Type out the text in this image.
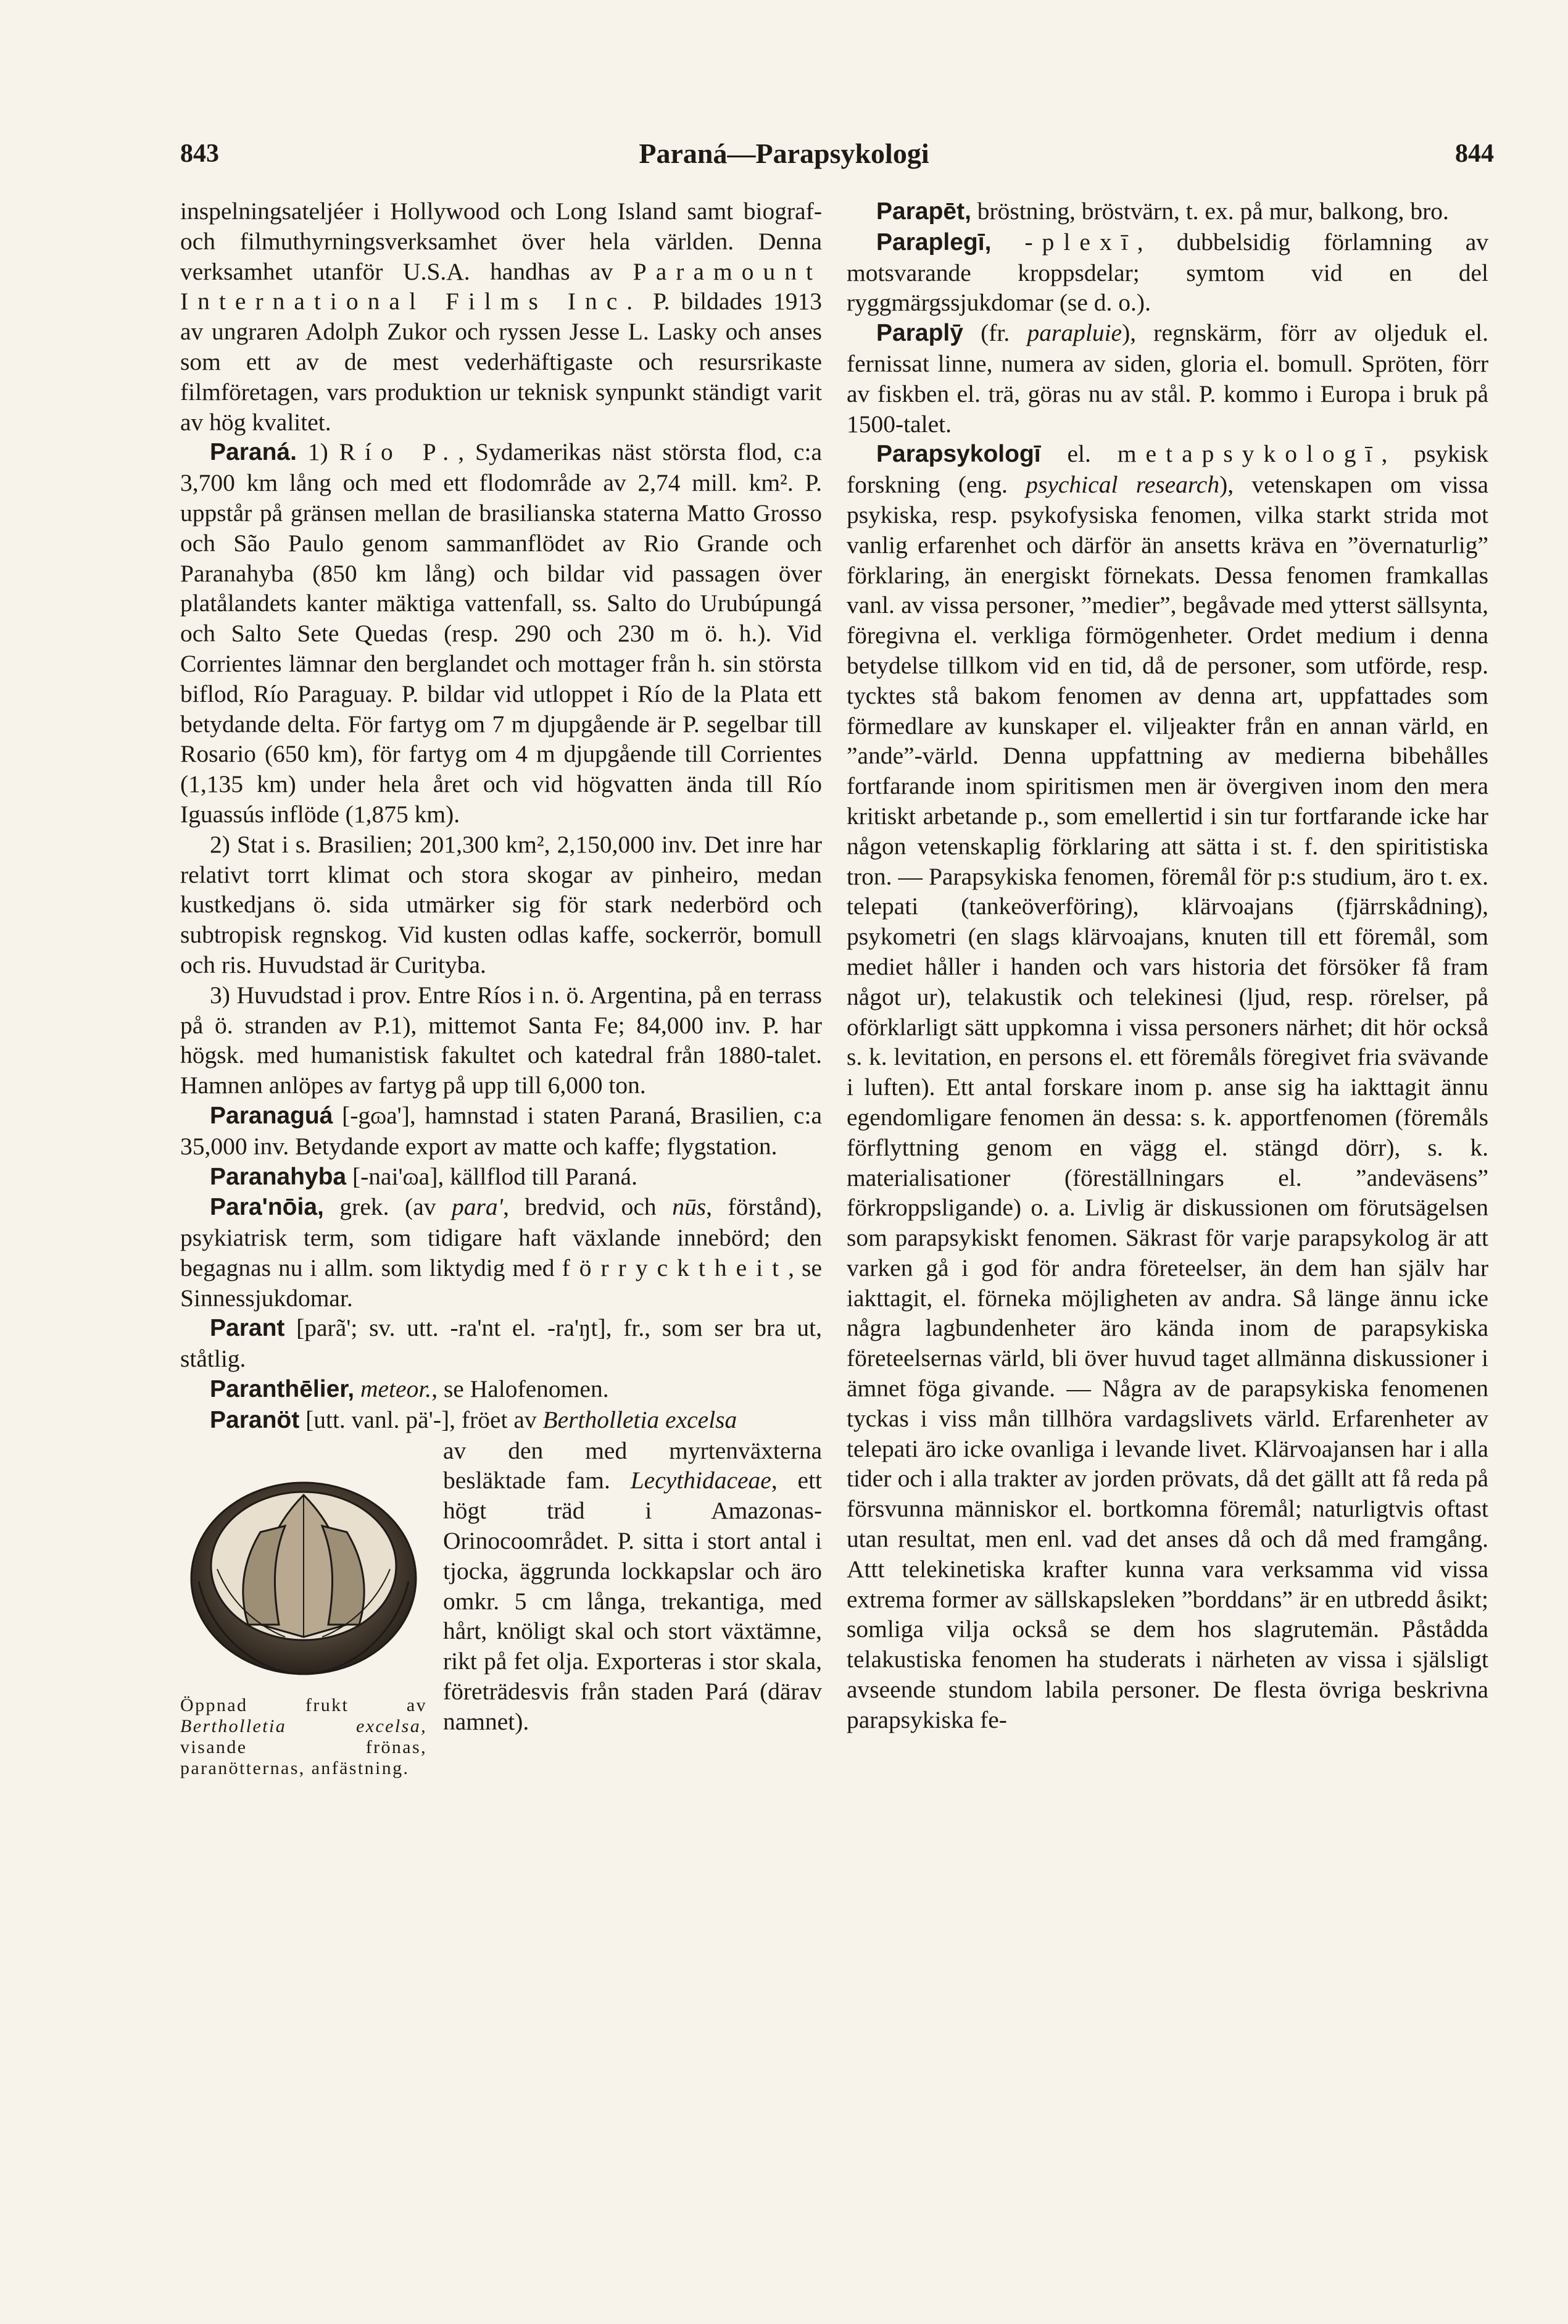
843	Paraná—Parapsykologi	844

inspelningsateljéer i Hollywood och Long Island samt biograf- och filmuthyrningsverksamhet över hela världen. Denna verksamhet utanför U.S.A. handhas av Paramount International Films Inc. P. bildades 1913 av ungraren Adolph Zukor och ryssen Jesse L. Lasky och anses som ett av de mest vederhäftigaste och resursrikaste filmföretagen, vars produktion ur teknisk synpunkt ständigt varit av hög kvalitet.

Paraná. 1) Río P., Sydamerikas näst största flod, c:a 3,700 km lång och med ett flodområde av 2,74 mill. km². P. uppstår på gränsen mellan de brasilianska staterna Matto Grosso och São Paulo genom sammanflödet av Rio Grande och Paranahyba (850 km lång) och bildar vid passagen över platålandets kanter mäktiga vattenfall, ss. Salto do Urubúpungá och Salto Sete Quedas (resp. 290 och 230 m ö. h.). Vid Corrientes lämnar den berglandet och mottager från h. sin största biflod, Río Paraguay. P. bildar vid utloppet i Río de la Plata ett betydande delta. För fartyg om 7 m djupgående är P. segelbar till Rosario (650 km), för fartyg om 4 m djupgående till Corrientes (1,135 km) under hela året och vid högvatten ända till Río Iguassús inflöde (1,875 km).

2) Stat i s. Brasilien; 201,300 km², 2,150,000 inv. Det inre har relativt torrt klimat och stora skogar av pinheiro, medan kustkedjans ö. sida utmärker sig för stark nederbörd och subtropisk regnskog. Vid kusten odlas kaffe, sockerrör, bomull och ris. Huvudstad är Curityba.

3) Huvudstad i prov. Entre Ríos i n. ö. Argentina, på en terrass på ö. stranden av P.1), mittemot Santa Fe; 84,000 inv. P. har högsk. med humanistisk fakultet och katedral från 1880-talet. Hamnen anlöpes av fartyg på upp till 6,000 ton.

Paranaguá [-gɷa'], hamnstad i staten Paraná, Brasilien, c:a 35,000 inv. Betydande export av matte och kaffe; flygstation.

Paranahyba [-nai'ɷa], källflod till Paraná.

Para'nōia, grek. (av para', bredvid, och nūs, förstånd), psykiatrisk term, som tidigare haft växlande innebörd; den begagnas nu i allm. som liktydig med förrycktheit, se Sinnessjukdomar.

Parant [parã'; sv. utt. -ra'nt el. -ra'ŋt], fr., som ser bra ut, ståtlig.

Paranthēlier, meteor., se Halofenomen.

Paranöt [utt. vanl. pä'-], fröet av Bertholletia excelsa

Öppnad frukt av Bertholletia excelsa, visande frönas, paranötternas, anfästning.

av den med myrtenväxterna besläktade fam. Lecythidaceae, ett högt träd i Amazonas-Orinocoområdet. P. sitta i stort antal i tjocka, äggrunda lockkapslar och äro omkr. 5 cm långa, trekantiga, med hårt, knöligt skal och stort växtämne, rikt på fet olja. Exporteras i stor skala, företrädesvis från staden Pará (därav namnet).

Parapēt, bröstning, bröstvärn, t. ex. på mur, balkong, bro.

Paraplegī, -plexī, dubbelsidig förlamning av motsvarande kroppsdelar; symtom vid en del ryggmärgssjukdomar (se d. o.).

Paraplȳ (fr. parapluie), regnskärm, förr av oljeduk el. fernissat linne, numera av siden, gloria el. bomull. Spröten, förr av fiskben el. trä, göras nu av stål. P. kommo i Europa i bruk på 1500-talet.

Parapsykologī el. metapsykologī, psykisk forskning (eng. psychical research), vetenskapen om vissa psykiska, resp. psykofysiska fenomen, vilka starkt strida mot vanlig erfarenhet och därför än ansetts kräva en ”övernaturlig” förklaring, än energiskt förnekats. Dessa fenomen framkallas vanl. av vissa personer, ”medier”, begåvade med ytterst sällsynta, föregivna el. verkliga förmögenheter. Ordet medium i denna betydelse tillkom vid en tid, då de personer, som utförde, resp. tycktes stå bakom fenomen av denna art, uppfattades som förmedlare av kunskaper el. viljeakter från en annan värld, en ”ande”-värld. Denna uppfattning av medierna bibehålles fortfarande inom spiritismen men är övergiven inom den mera kritiskt arbetande p., som emellertid i sin tur fortfarande icke har någon vetenskaplig förklaring att sätta i st. f. den spiritistiska tron. — Parapsykiska fenomen, föremål för p:s studium, äro t. ex. telepati (tankeöverföring), klärvoajans (fjärrskådning), psykometri (en slags klärvoajans, knuten till ett föremål, som mediet håller i handen och vars historia det försöker få fram något ur), telakustik och telekinesi (ljud, resp. rörelser, på oförklarligt sätt uppkomna i vissa personers närhet; dit hör också s. k. levitation, en persons el. ett föremåls föregivet fria svävande i luften). Ett antal forskare inom p. anse sig ha iakttagit ännu egendomligare fenomen än dessa: s. k. apportfenomen (föremåls förflyttning genom en vägg el. stängd dörr), s. k. materialisationer (föreställningars el. ”andeväsens” förkroppsligande) o. a. Livlig är diskussionen om förutsägelsen som parapsykiskt fenomen. Säkrast för varje parapsykolog är att varken gå i god för andra företeelser, än dem han själv har iakttagit, el. förneka möjligheten av andra. Så länge ännu icke några lagbundenheter äro kända inom de parapsykiska företeelsernas värld, bli över huvud taget allmänna diskussioner i ämnet föga givande. — Några av de parapsykiska fenomenen tyckas i viss mån tillhöra vardagslivets värld. Erfarenheter av telepati äro icke ovanliga i levande livet. Klärvoajansen har i alla tider och i alla trakter av jorden prövats, då det gällt att få reda på försvunna människor el. bortkomna föremål; naturligtvis oftast utan resultat, men enl. vad det anses då och då med framgång. Attt telekinetiska krafter kunna vara verksamma vid vissa extrema former av sällskapsleken ”borddans” är en utbredd åsikt; somliga vilja också se dem hos slagrutemän. Påstådda telakustiska fenomen ha studerats i närheten av vissa i själsligt avseende stundom labila personer. De flesta övriga beskrivna parapsykiska fe-
